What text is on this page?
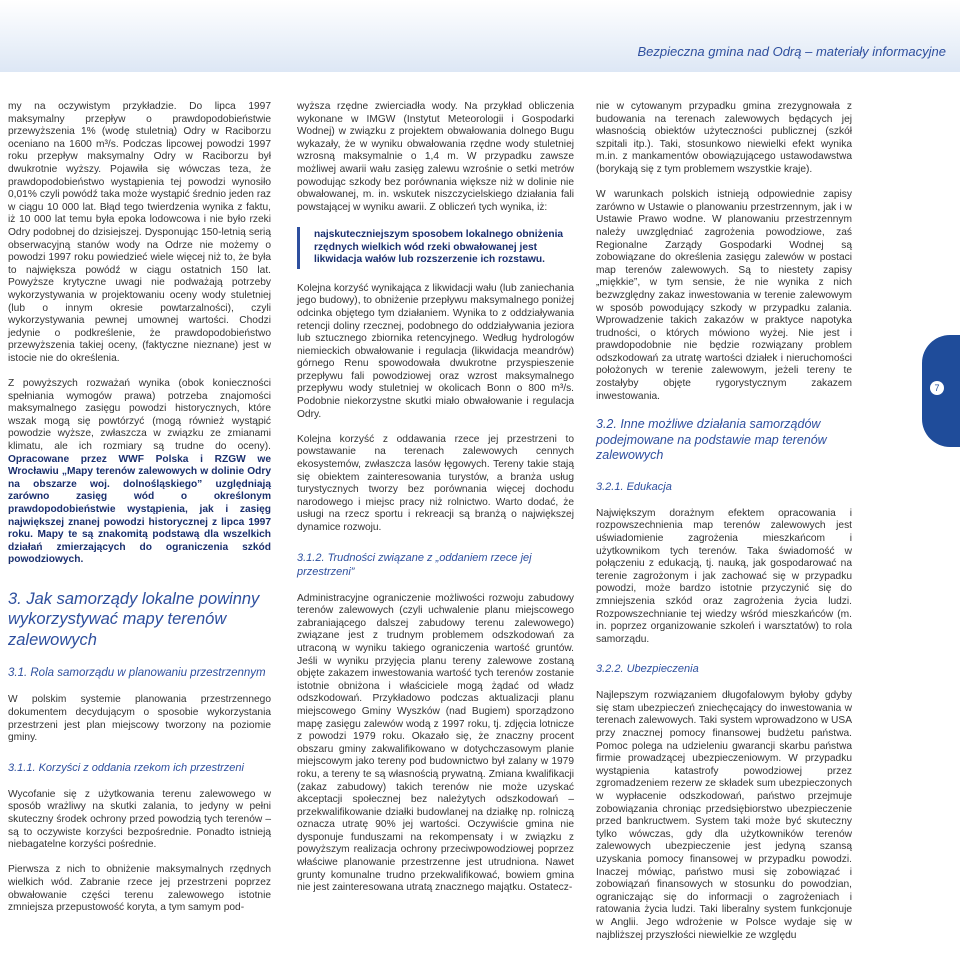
Bezpieczna gmina nad Odrą – materiały informacyjne
7

my na oczywistym przykładzie. Do lipca 1997 maksymalny przepływ o prawdopodobieństwie przewyższenia 1% (wodę stuletnią) Odry w Raciborzu oceniano na 1600 m³/s. Podczas lipcowej powodzi 1997 roku przepływ maksymalny Odry w Raciborzu był dwukrotnie wyższy. Pojawiła się wówczas teza, że prawdopodobieństwo wystąpienia tej powodzi wynosiło 0,01% czyli powódź taka może wystąpić średnio jeden raz w ciągu 10 000 lat. Błąd tego twierdzenia wynika z faktu, iż 10 000 lat temu była epoka lodowcowa i nie było rzeki Odry podobnej do dzisiejszej. Dysponując 150-letnią serią obserwacyjną stanów wody na Odrze nie możemy o powodzi 1997 roku powiedzieć wiele więcej niż to, że była to największa powódź w ciągu ostatnich 150 lat. Powyższe krytyczne uwagi nie podważają potrzeby wykorzystywania w projektowaniu oceny wody stuletniej (lub o innym okresie powtarzalności), czyli wykorzystywania pewnej umownej wartości. Chodzi jedynie o podkreślenie, że prawdopodobieństwo przewyższenia takiej oceny, (faktyczne nieznane) jest w istocie nie do określenia.

Z powyższych rozważań wynika (obok konieczności spełniania wymogów prawa) potrzeba znajomości maksymalnego zasięgu powodzi historycznych, które wszak mogą się powtórzyć (mogą również wystąpić powodzie wyższe, zwłaszcza w związku ze zmianami klimatu, ale ich rozmiary są trudne do oceny). Opracowane przez WWF Polska i RZGW we Wrocławiu „Mapy terenów zalewowych w dolinie Odry na obszarze woj. dolnośląskiego” uzględniają zarówno zasięg wód o określonym prawdopodobieństwie wystąpienia, jak i zasięg największej znanej powodzi historycznej z lipca 1997 roku. Mapy te są znakomitą podstawą dla wszelkich działań zmierzających do ograniczenia szkód powodziowych.

3. Jak samorządy lokalne powinny wykorzystywać mapy terenów zalewowych
3.1. Rola samorządu w planowaniu przestrzennym

W polskim systemie planowania przestrzennego dokumentem decydującym o sposobie wykorzystania przestrzeni jest plan miejscowy tworzony na poziomie gminy.

3.1.1. Korzyści z oddania rzekom ich przestrzeni

Wycofanie się z użytkowania terenu zalewowego w sposób wrażliwy na skutki zalania, to jedyny w pełni skuteczny środek ochrony przed powodzią tych terenów – są to oczywiste korzyści bezpośrednie. Ponadto istnieją niebagatelne korzyści pośrednie.

Pierwsza z nich to obniżenie maksymalnych rzędnych wielkich wód. Zabranie rzece jej przestrzeni poprzez obwałowanie części terenu zalewowego istotnie zmniejsza przepustowość koryta, a tym samym pod-

wyższa rzędne zwierciadła wody. Na przykład obliczenia wykonane w IMGW (Instytut Meteorologii i Gospodarki Wodnej) w związku z projektem obwałowania dolnego Bugu wykazały, że w wyniku obwałowania rzędne wody stuletniej wzrosną maksymalnie o 1,4 m. W przypadku zawsze możliwej awarii wału zasięg zalewu wzrośnie o setki metrów powodując szkody bez porównania większe niż w dolinie nie obwałowanej, m. in. wskutek niszczycielskiego działania fali powstającej w wyniku awarii. Z obliczeń tych wynika, iż:

najskuteczniejszym sposobem lokalnego obniżenia rzędnych wielkich wód rzeki obwałowanej jest likwidacja wałów lub rozszerzenie ich rozstawu.

Kolejna korzyść wynikająca z likwidacji wału (lub zaniechania jego budowy), to obniżenie przepływu maksymalnego poniżej odcinka objętego tym działaniem. Wynika to z oddziaływania retencji doliny rzecznej, podobnego do oddziaływania jeziora lub sztucznego zbiornika retencyjnego. Według hydrologów niemieckich obwałowanie i regulacja (likwidacja meandrów) górnego Renu spowodowała dwukrotne przyspieszenie przepływu fali powodziowej oraz wzrost maksymalnego przepływu wody stuletniej w okolicach Bonn o 800 m³/s. Podobnie niekorzystne skutki miało obwałowanie i regulacja Odry.

Kolejna korzyść z oddawania rzece jej przestrzeni to powstawanie na terenach zalewowych cennych ekosystemów, zwłaszcza lasów łęgowych. Tereny takie stają się obiektem zainteresowania turystów, a branża usług turystycznych tworzy bez porównania więcej dochodu narodowego i miejsc pracy niż rolnictwo. Warto dodać, że usługi na rzecz sportu i rekreacji są branżą o największej dynamice rozwoju.

3.1.2. Trudności związane z „oddaniem rzece jej przestrzeni”

Administracyjne ograniczenie możliwości rozwoju zabudowy terenów zalewowych (czyli uchwalenie planu miejscowego zabraniającego dalszej zabudowy terenu zalewowego) związane jest z trudnym problemem odszkodowań za utraconą w wyniku takiego ograniczenia wartość gruntów. Jeśli w wyniku przyjęcia planu tereny zalewowe zostaną objęte zakazem inwestowania wartość tych terenów zostanie istotnie obniżona i właściciele mogą żądać od władz odszkodowań. Przykładowo podczas aktualizacji planu miejscowego Gminy Wyszków (nad Bugiem) sporządzono mapę zasięgu zalewów wodą z 1997 roku, tj. zdjęcia lotnicze z powodzi 1979 roku. Okazało się, że znaczny procent obszaru gminy zakwalifikowano w dotychczasowym planie miejscowym jako tereny pod budownictwo był zalany w 1979 roku, a tereny te są własnością prywatną. Zmiana kwalifikacji (zakaz zabudowy) takich terenów nie może uzyskać akceptacji społecznej bez należytych odszkodowań – przekwalifikowanie działki budowlanej na działkę np. rolniczą oznacza utratę 90% jej wartości. Oczywiście gmina nie dysponuje funduszami na rekompensaty i w związku z powyższym realizacja ochrony przeciwpowodziowej poprzez właściwe planowanie przestrzenne jest utrudniona. Nawet grunty komunalne trudno przekwalifikować, bowiem gmina nie jest zainteresowana utratą znacznego majątku. Ostatecz-

nie w cytowanym przypadku gmina zrezygnowała z budowania na terenach zalewowych będących jej własnością obiektów użyteczności publicznej (szkół szpitali itp.). Taki, stosunkowo niewielki efekt wynika m.in. z mankamentów obowiązującego ustawodawstwa (borykają się z tym problemem wszystkie kraje).

W warunkach polskich istnieją odpowiednie zapisy zarówno w Ustawie o planowaniu przestrzennym, jak i w Ustawie Prawo wodne. W planowaniu przestrzennym należy uwzględniać zagrożenia powodziowe, zaś Regionalne Zarządy Gospodarki Wodnej są zobowiązane do określenia zasięgu zalewów w postaci map terenów zalewowych. Są to niestety zapisy „miękkie”, w tym sensie, że nie wynika z nich bezwzględny zakaz inwestowania w terenie zalewowym w sposób powodujący szkody w przypadku zalania. Wprowadzenie takich zakazów w praktyce napotyka trudności, o których mówiono wyżej. Nie jest i prawdopodobnie nie będzie rozwiązany problem odszkodowań za utratę wartości działek i nieruchomości położonych w terenie zalewowym, jeżeli tereny te zostałyby objęte rygorystycznym zakazem inwestowania.

3.2. Inne możliwe działania samorządów podejmowane na podstawie map terenów zalewowych
3.2.1. Edukacja

Największym dorażnym efektem opracowania i rozpowszechnienia map terenów zalewowych jest uświadomienie zagrożenia mieszkańcom i użytkownikom tych terenów. Taka świadomość w połączeniu z edukacją, tj. nauką, jak gospodarować na terenie zagrożonym i jak zachować się w przypadku powodzi, może bardzo istotnie przyczynić się do zmniejszenia szkód oraz zagrożenia życia ludzi. Rozpowszechnianie tej wiedzy wśród mieszkańców (m. in. poprzez organizowanie szkoleń i warsztatów) to rola samorządu.

3.2.2. Ubezpieczenia

Najlepszym rozwiązaniem długofalowym byłoby gdyby się stam ubezpieczeń zniechęcający do inwestowania w terenach zalewowych. Taki system wprowadzono w USA przy znacznej pomocy finansowej budżetu państwa. Pomoc polega na udzieleniu gwarancji skarbu państwa firmie prowadzącej ubezpieczeniowym. W przypadku wystąpienia katastrofy powodziowej przez zgromadzeniem rezerw ze składek sum ubezpieczonych w wypłacenie odszkodowań, państwo przejmuje zobowiązania chroniąc przedsiębiorstwo ubezpieczenie przed bankructwem. System taki może być skuteczny tylko wówczas, gdy dla użytkowników terenów zalewowych ubezpieczenie jest jedyną szansą uzyskania pomocy finansowej w przypadku powodzi. Inaczej mówiąc, państwo musi się zobowiązać i zobowiązań finansowych w stosunku do powodzian, ograniczając się do informacji o zagrożeniach i ratowania życia ludzi. Taki liberalny system funkcjonuje w Anglii. Jego wdrożenie w Polsce wydaje się w najbliższej przyszłości niewielkie ze względu
